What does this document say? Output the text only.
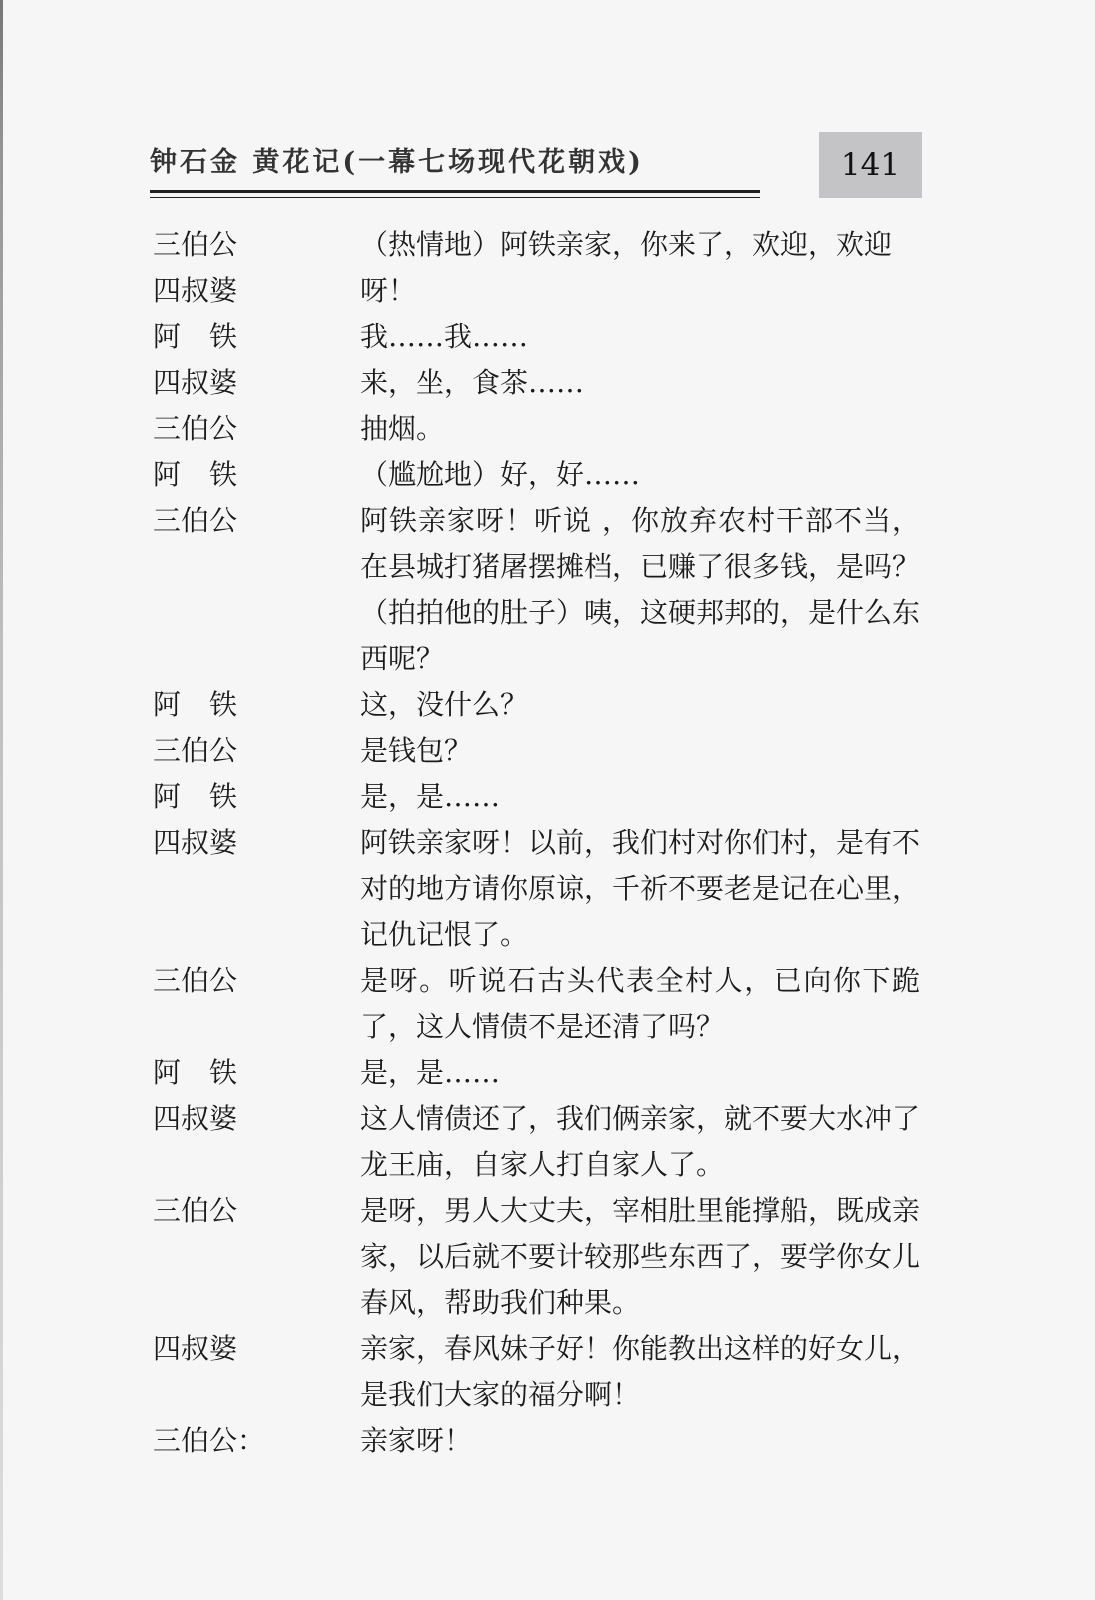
钟石金 黄花记(一幕七场现代花朝戏)	141
三伯公	（热情地）阿铁亲家，你来了，欢迎，欢迎
四叔婆	呀！
阿　铁	我……我……
四叔婆	来，坐，食茶……
三伯公	抽烟。
阿　铁	（尴尬地）好，好……
三伯公	阿铁亲家呀！听说 ，你放弃农村干部不当，在县城打猪屠摆摊档，已赚了很多钱，是吗？（拍拍他的肚子）咦，这硬邦邦的，是什么东西呢？
阿　铁	这，没什么？
三伯公	是钱包？
阿　铁	是，是……
四叔婆	阿铁亲家呀！以前，我们村对你们村，是有不对的地方请你原谅，千祈不要老是记在心里，记仇记恨了。
三伯公	是呀。听说石古头代表全村人，已向你下跪了，这人情债不是还清了吗？
阿　铁	是，是……
四叔婆	这人情债还了，我们俩亲家，就不要大水冲了龙王庙，自家人打自家人了。
三伯公	是呀，男人大丈夫，宰相肚里能撑船，既成亲家，以后就不要计较那些东西了，要学你女儿春风，帮助我们种果。
四叔婆	亲家，春风妹子好！你能教出这样的好女儿，是我们大家的福分啊！
三伯公：	亲家呀！
